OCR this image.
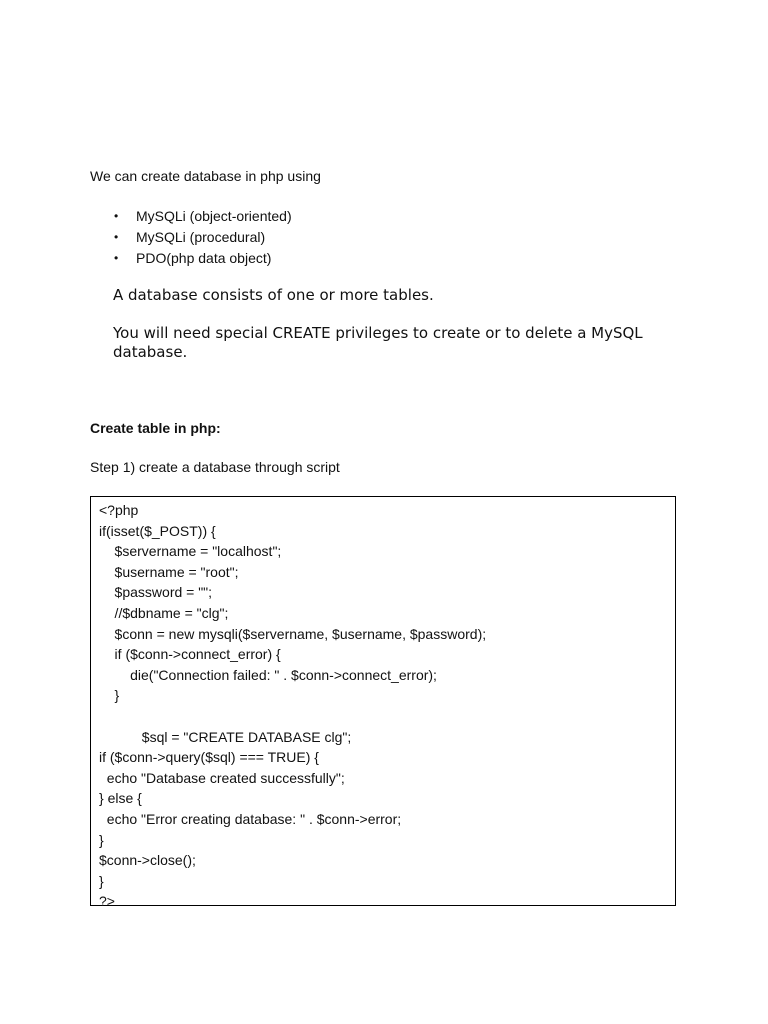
We can create database in php using

• MySQLi (object-oriented)
• MySQLi (procedural)
• PDO(php data object)

A database consists of one or more tables.

You will need special CREATE privileges to create or to delete a MySQL database.

Create table in php:

Step 1) create a database through script

<?php
if(isset($_POST)) {
$servername = "localhost";
$username = "root";
$password = "";
//$dbname = "clg";
$conn = new mysqli($servername, $username, $password);
if ($conn->connect_error) {
die("Connection failed: " . $conn->connect_error);
}
$sql = "CREATE DATABASE clg";
if ($conn->query($sql) === TRUE) {
echo "Database created successfully";
} else {
echo "Error creating database: " . $conn->error;
}
$conn->close();
}
?>
